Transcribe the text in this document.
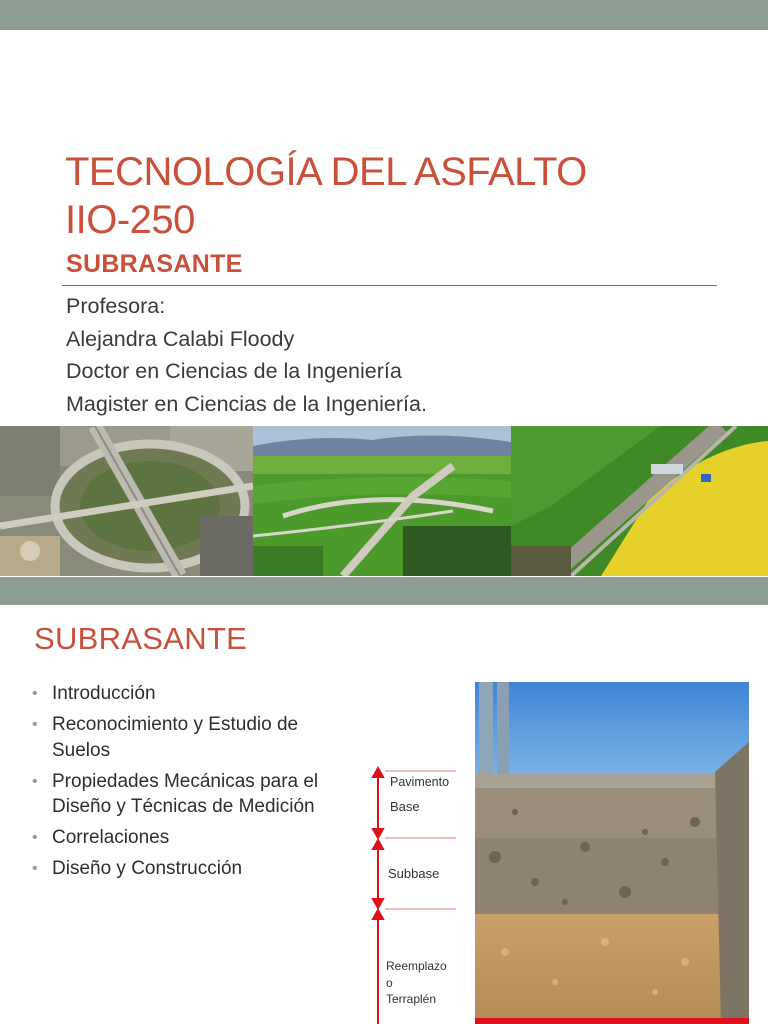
TECNOLOGÍA DEL ASFALTO
IIO-250
SUBRASANTE
Profesora:
Alejandra Calabi Floody
Doctor en Ciencias de la Ingeniería
Magister en Ciencias de la Ingeniería.
SUBRASANTE
• Introducción
• Reconocimiento y Estudio de Suelos
• Propiedades Mecánicas para el Diseño y Técnicas de Medición
• Correlaciones
• Diseño y Construcción
Pavimento
Base
Subbase
Reemplazo
o
Terraplén
